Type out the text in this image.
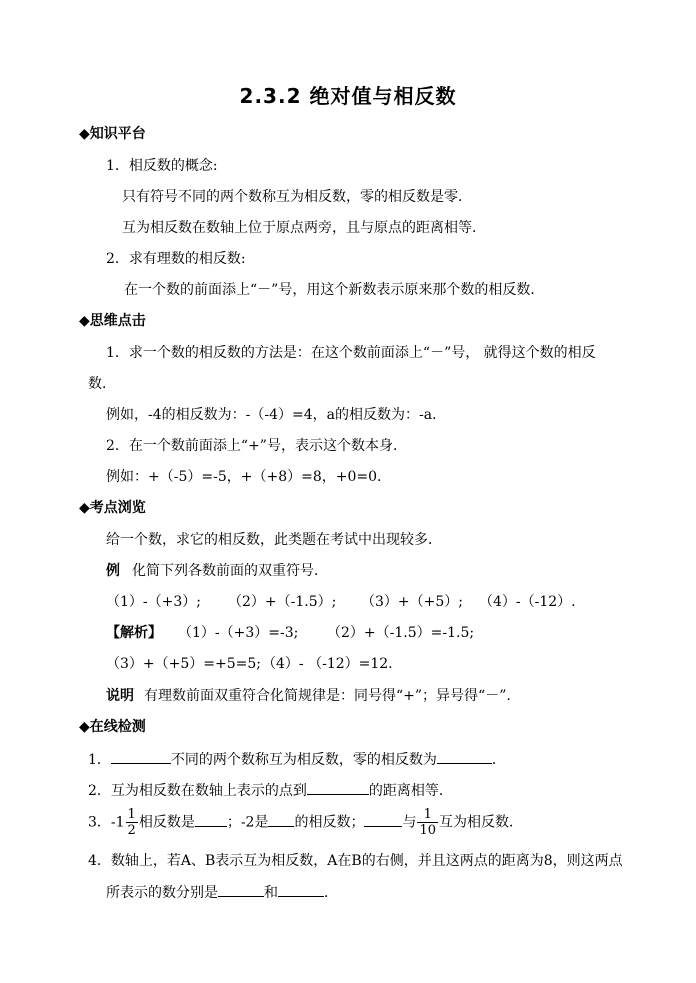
2.3.2 绝对值与相反数
◆知识平台
1．相反数的概念:
只有符号不同的两个数称互为相反数，零的相反数是零．
互为相反数在数轴上位于原点两旁，且与原点的距离相等．
2．求有理数的相反数:
在一个数的前面添上“－”号，用这个新数表示原来那个数的相反数．
◆思维点击
1．求一个数的相反数的方法是：在这个数前面添上“－”号， 就得这个数的相反
数．
例如，-4的相反数为：-（-4）=4，a的相反数为：-a．
2．在一个数前面添上“+”号，表示这个数本身．
例如：+（-5）=-5，+（+8）=8，+0=0．
◆考点浏览
给一个数，求它的相反数，此类题在考试中出现较多．
例 化简下列各数前面的双重符号．
（1）-（+3）; （2）+（-1.5）; （3）+（+5）; （4）-（-12）.
【解析】 （1）-（+3）=-3; （2）+（-1.5）=-1.5;
（3）+（+5）=+5=5; （4）- （-12）=12.
说明 有理数前面双重符合化简规律是：同号得“+”；异号得“－”.
◆在线检测
1．	不同的两个数称互为相反数，零的相反数为	．
2．互为相反数在数轴上表示的点到	的距离相等．
3．$-1 \frac{1}{2}$ 相反数是 ；-2是 的相反数；	与 $\frac{1}{10}$ 互为相反数．
4．数轴上，若A、B表示互为相反数，A在B的右侧，并且这两点的距离为8，则这两点
所表示的数分别是	和	．
